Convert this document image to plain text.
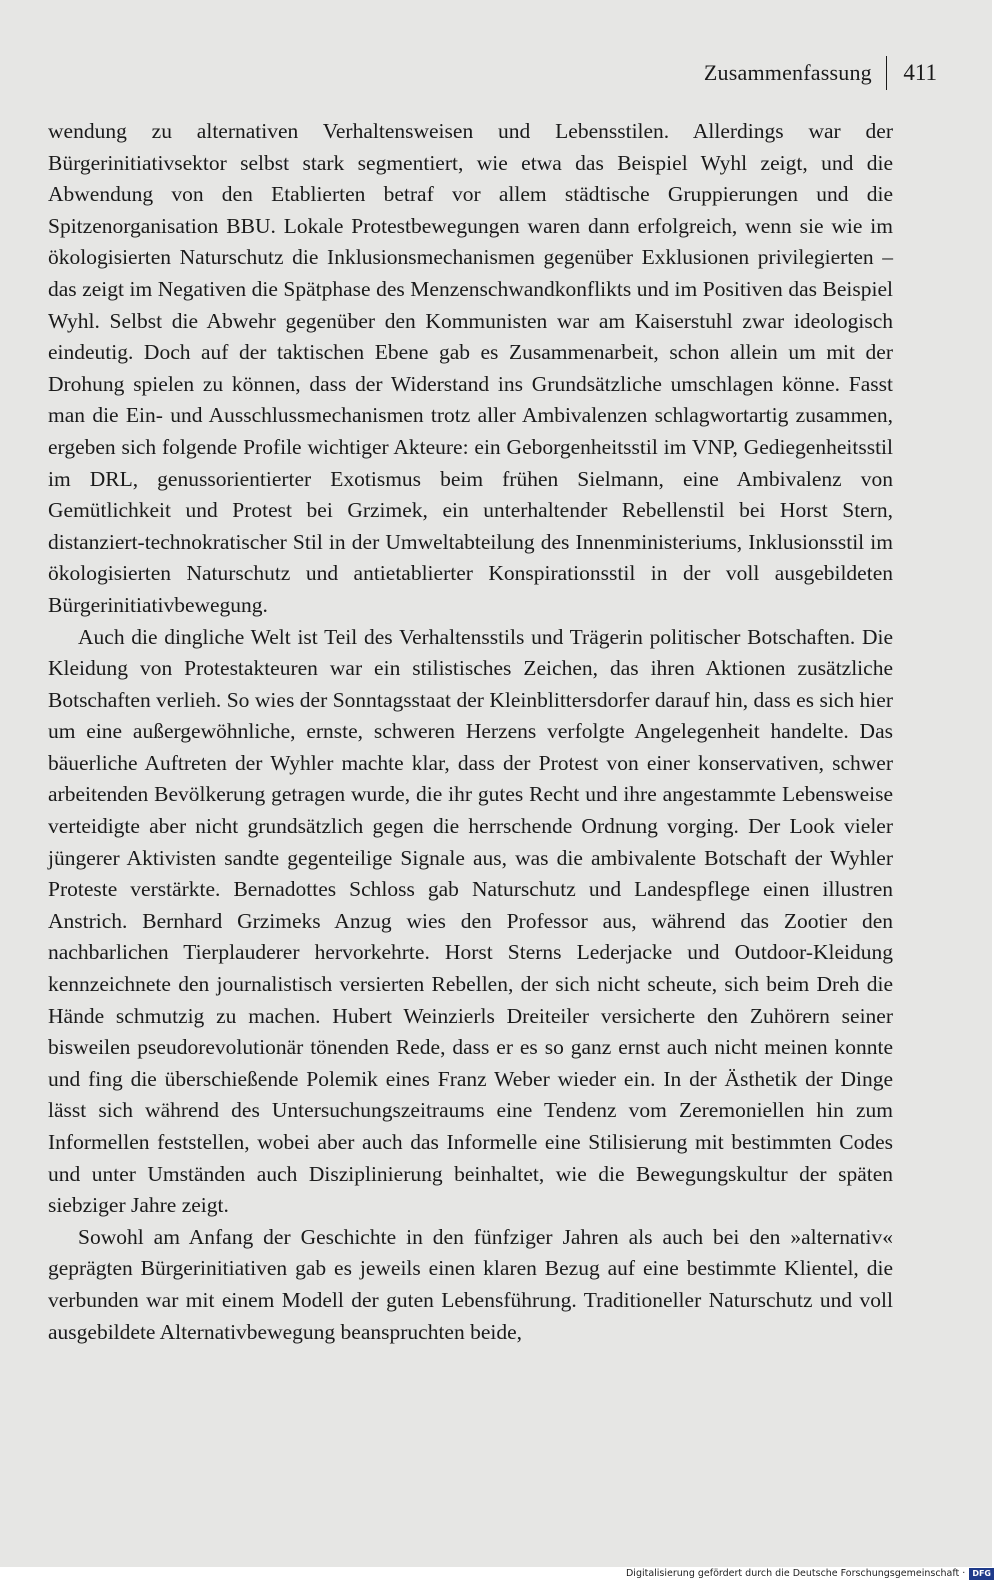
Zusammenfassung 411

wendung zu alternativen Verhaltensweisen und Lebensstilen. Allerdings war der Bürgerinitiativsektor selbst stark segmentiert, wie etwa das Beispiel Wyhl zeigt, und die Abwendung von den Etablierten betraf vor allem städtische Gruppierungen und die Spitzenorganisation BBU. Lokale Protestbewegungen waren dann erfolgreich, wenn sie wie im ökologisierten Naturschutz die Inklusionsmechanismen gegenüber Exklusionen privilegierten – das zeigt im Negativen die Spätphase des Menzenschwandkonflikts und im Positiven das Beispiel Wyhl. Selbst die Abwehr gegenüber den Kommunisten war am Kaiserstuhl zwar ideologisch eindeutig. Doch auf der taktischen Ebene gab es Zusammenarbeit, schon allein um mit der Drohung spielen zu können, dass der Widerstand ins Grundsätzliche umschlagen könne. Fasst man die Ein- und Ausschlussmechanismen trotz aller Ambivalenzen schlagwortartig zusammen, ergeben sich folgende Profile wichtiger Akteure: ein Geborgenheitsstil im VNP, Gediegenheitsstil im DRL, genussorientierter Exotismus beim frühen Sielmann, eine Ambivalenz von Gemütlichkeit und Protest bei Grzimek, ein unterhaltender Rebellenstil bei Horst Stern, distanziert-technokratischer Stil in der Umweltabteilung des Innenministeriums, Inklusionsstil im ökologisierten Naturschutz und antietablierter Konspirationsstil in der voll ausgebildeten Bürgerinitiativbewegung.

Auch die dingliche Welt ist Teil des Verhaltensstils und Trägerin politischer Botschaften. Die Kleidung von Protestakteuren war ein stilistisches Zeichen, das ihren Aktionen zusätzliche Botschaften verlieh. So wies der Sonntagsstaat der Kleinblittersdorfer darauf hin, dass es sich hier um eine außergewöhnliche, ernste, schweren Herzens verfolgte Angelegenheit handelte. Das bäuerliche Auftreten der Wyhler machte klar, dass der Protest von einer konservativen, schwer arbeitenden Bevölkerung getragen wurde, die ihr gutes Recht und ihre angestammte Lebensweise verteidigte aber nicht grundsätzlich gegen die herrschende Ordnung vorging. Der Look vieler jüngerer Aktivisten sandte gegenteilige Signale aus, was die ambivalente Botschaft der Wyhler Proteste verstärkte. Bernadottes Schloss gab Naturschutz und Landespflege einen illustren Anstrich. Bernhard Grzimeks Anzug wies den Professor aus, während das Zootier den nachbarlichen Tierplauderer hervorkehrte. Horst Sterns Lederjacke und Outdoor-Kleidung kennzeichnete den journalistisch versierten Rebellen, der sich nicht scheute, sich beim Dreh die Hände schmutzig zu machen. Hubert Weinzierls Dreiteiler versicherte den Zuhörern seiner bisweilen pseudorevolutionär tönenden Rede, dass er es so ganz ernst auch nicht meinen konnte und fing die überschießende Polemik eines Franz Weber wieder ein. In der Ästhetik der Dinge lässt sich während des Untersuchungszeitraums eine Tendenz vom Zeremoniellen hin zum Informellen feststellen, wobei aber auch das Informelle eine Stilisierung mit bestimmten Codes und unter Umständen auch Disziplinierung beinhaltet, wie die Bewegungskultur der späten siebziger Jahre zeigt.

Sowohl am Anfang der Geschichte in den fünfziger Jahren als auch bei den »alternativ« geprägten Bürgerinitiativen gab es jeweils einen klaren Bezug auf eine bestimmte Klientel, die verbunden war mit einem Modell der guten Lebensführung. Traditioneller Naturschutz und voll ausgebildete Alternativbewegung beanspruchten beide,

Digitalisierung gefördert durch die Deutsche Forschungsgemeinschaft · DFG
